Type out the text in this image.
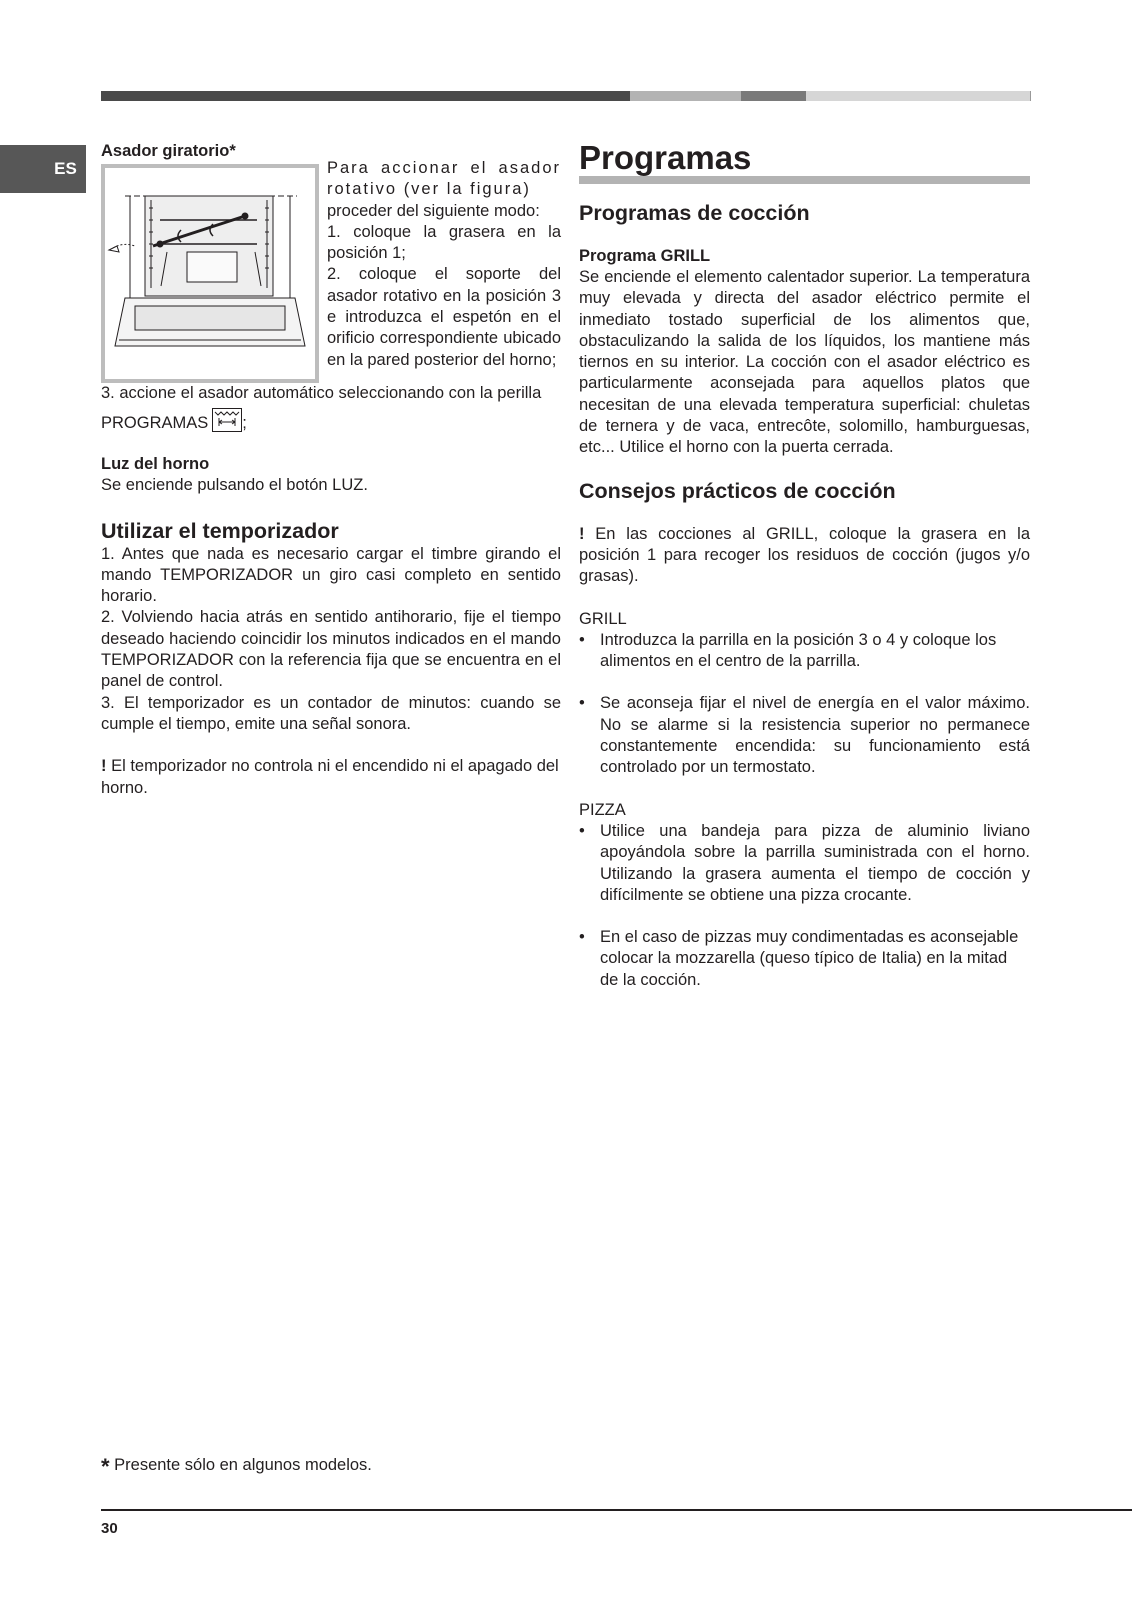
ES
Asador giratorio*

Para accionar el asador rotativo (ver la figura)

proceder del siguiente modo:

1. coloque la grasera en la posición 1;

2. coloque el soporte del asador rotativo en la posición 3 e introduzca el espetón en el orificio correspondiente ubicado en la pared posterior del horno;

3. accione el asador automático seleccionando con la perilla

PROGRAMAS ;
Luz del horno

Se enciende pulsando el botón LUZ.

Utilizar el temporizador

1. Antes que nada es necesario cargar el timbre girando el mando TEMPORIZADOR un giro casi completo en sentido horario.

2. Volviendo hacia atrás en sentido antihorario, fije el tiempo deseado haciendo coincidir los minutos indicados en el mando TEMPORIZADOR con la referencia fija que se encuentra en el panel de control.

3. El temporizador es un contador de minutos: cuando se cumple el tiempo, emite una señal sonora.

! El temporizador no controla ni el encendido ni el apagado del horno.

Programas
Programas de cocción
Programa GRILL

Se enciende el elemento calentador superior. La temperatura muy elevada y directa del asador eléctrico permite el inmediato tostado superficial de los alimentos que, obstaculizando la salida de los líquidos, los mantiene más tiernos en su interior. La cocción con el asador eléctrico es particularmente aconsejada para aquellos platos que necesitan de una elevada temperatura superficial: chuletas de ternera y de vaca, entrecôte, solomillo, hamburguesas, etc... Utilice el horno con la puerta cerrada.

Consejos prácticos de cocción

! En las cocciones al GRILL, coloque la grasera en la posición 1 para recoger los residuos de cocción (jugos y/o grasas).

GRILL

• Introduzca la parrilla en la posición 3 o 4 y coloque los alimentos en el centro de la parrilla.
• Se aconseja fijar el nivel de energía en el valor máximo. No se alarme si la resistencia superior no permanece constantemente encendida: su funcionamiento está controlado por un termostato.

PIZZA

• Utilice una bandeja para pizza de aluminio liviano apoyándola sobre la parrilla suministrada con el horno. Utilizando la grasera aumenta el tiempo de cocción y difícilmente se obtiene una pizza crocante.
• En el caso de pizzas muy condimentadas es aconsejable colocar la mozzarella (queso típico de Italia) en la mitad de la cocción.
* Presente sólo en algunos modelos.
30
